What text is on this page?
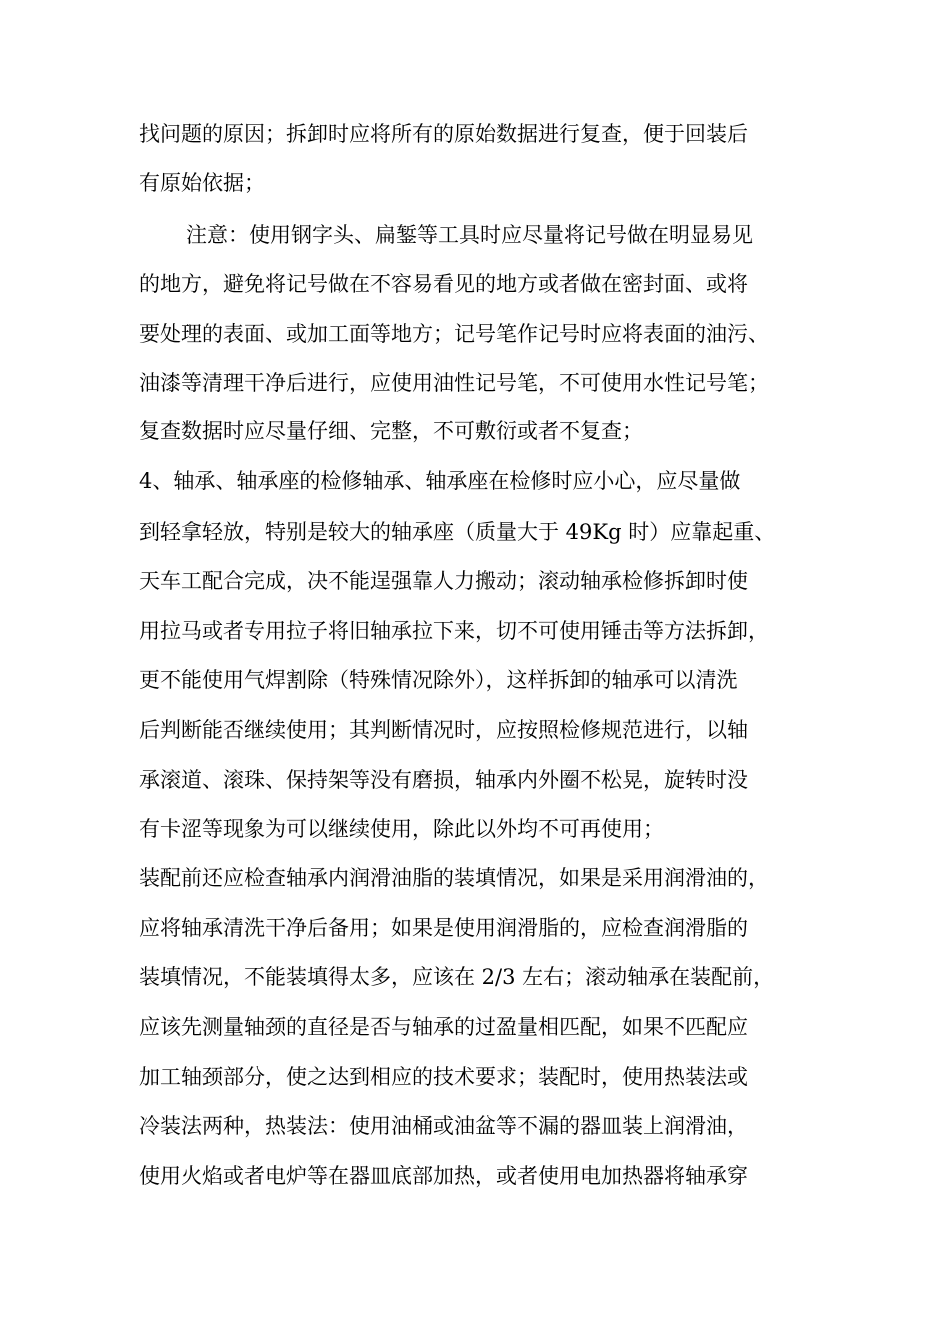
找问题的原因；拆卸时应将所有的原始数据进行复查，便于回装后
有原始依据；
注意：使用钢字头、扁錾等工具时应尽量将记号做在明显易见
的地方，避免将记号做在不容易看见的地方或者做在密封面、或将
要处理的表面、或加工面等地方；记号笔作记号时应将表面的油污、
油漆等清理干净后进行，应使用油性记号笔，不可使用水性记号笔；
复查数据时应尽量仔细、完整，不可敷衍或者不复查；
4、轴承、轴承座的检修轴承、轴承座在检修时应小心，应尽量做
到轻拿轻放，特别是较大的轴承座（质量大于 49Kg 时）应靠起重、
天车工配合完成，决不能逞强靠人力搬动；滚动轴承检修拆卸时使
用拉马或者专用拉子将旧轴承拉下来，切不可使用锤击等方法拆卸，
更不能使用气焊割除（特殊情况除外），这样拆卸的轴承可以清洗
后判断能否继续使用；其判断情况时，应按照检修规范进行，以轴
承滚道、滚珠、保持架等没有磨损，轴承内外圈不松晃，旋转时没
有卡涩等现象为可以继续使用，除此以外均不可再使用；
装配前还应检查轴承内润滑油脂的装填情况，如果是采用润滑油的，
应将轴承清洗干净后备用；如果是使用润滑脂的，应检查润滑脂的
装填情况，不能装填得太多，应该在 2/3 左右；滚动轴承在装配前，
应该先测量轴颈的直径是否与轴承的过盈量相匹配，如果不匹配应
加工轴颈部分，使之达到相应的技术要求；装配时，使用热装法或
冷装法两种，热装法：使用油桶或油盆等不漏的器皿装上润滑油，
使用火焰或者电炉等在器皿底部加热，或者使用电加热器将轴承穿
